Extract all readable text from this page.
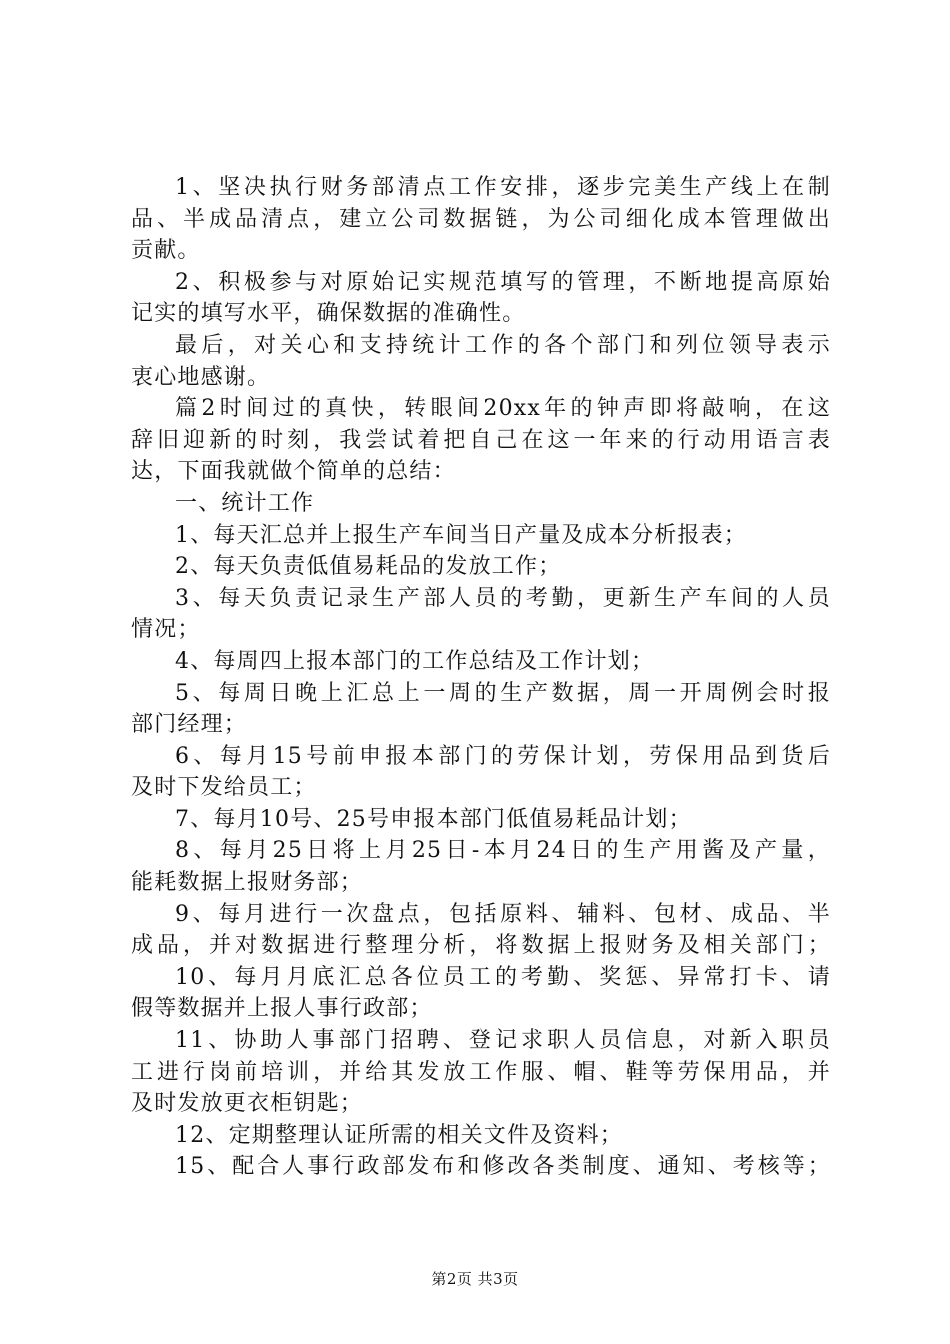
1、坚决执行财务部清点工作安排，逐步完美生产线上在制
品、半成品清点，建立公司数据链，为公司细化成本管理做出
贡献。
2、积极参与对原始记实规范填写的管理，不断地提高原始
记实的填写水平，确保数据的准确性。
最后，对关心和支持统计工作的各个部门和列位领导表示
衷心地感谢。
篇2时间过的真快，转眼间20xx年的钟声即将敲响，在这
辞旧迎新的时刻，我尝试着把自己在这一年来的行动用语言表
达，下面我就做个简单的总结：
一、统计工作
1、每天汇总并上报生产车间当日产量及成本分析报表；
2、每天负责低值易耗品的发放工作；
3、每天负责记录生产部人员的考勤，更新生产车间的人员
情况；
4、每周四上报本部门的工作总结及工作计划；
5、每周日晚上汇总上一周的生产数据，周一开周例会时报
部门经理；
6、每月15号前申报本部门的劳保计划，劳保用品到货后
及时下发给员工；
7、每月10号、25号申报本部门低值易耗品计划；
8、每月25日将上月25日-本月24日的生产用酱及产量，
能耗数据上报财务部；
9、每月进行一次盘点，包括原料、辅料、包材、成品、半
成品，并对数据进行整理分析，将数据上报财务及相关部门；
10、每月月底汇总各位员工的考勤、奖惩、异常打卡、请
假等数据并上报人事行政部；
11、协助人事部门招聘、登记求职人员信息，对新入职员
工进行岗前培训，并给其发放工作服、帽、鞋等劳保用品，并
及时发放更衣柜钥匙；
12、定期整理认证所需的相关文件及资料；
15、配合人事行政部发布和修改各类制度、通知、考核等；
第2页 共3页
